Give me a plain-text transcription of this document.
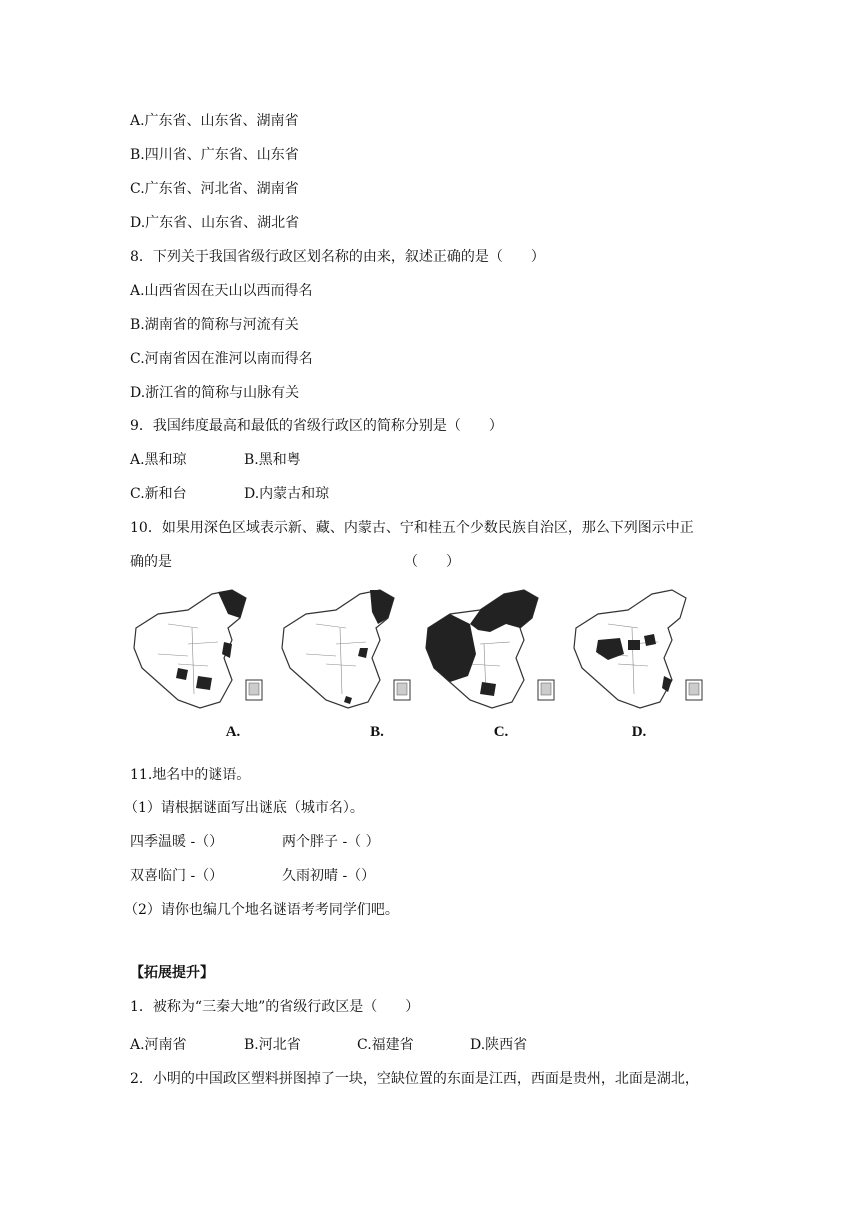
A.广东省、山东省、湖南省
B.四川省、广东省、山东省
C.广东省、河北省、湖南省
D.广东省、山东省、湖北省
8．下列关于我国省级行政区划名称的由来，叙述正确的是（　　）
A.山西省因在天山以西而得名
B.湖南省的简称与河流有关
C.河南省因在淮河以南而得名
D.浙江省的简称与山脉有关
9．我国纬度最高和最低的省级行政区的简称分别是（　　）
A.黑和琼	B.黑和粤
C.新和台	D.内蒙古和琼
10．如果用深色区域表示新、藏、内蒙古、宁和桂五个少数民族自治区，那么下列图示中正
确的是	（　　）
A.	B.	C.	D.
11.地名中的谜语。
（1）请根据谜面写出谜底（城市名）。
四季温暖 -（）	两个胖子 -（ ）
双喜临门 -（）	久雨初晴 -（）
（2）请你也编几个地名谜语考考同学们吧。
【拓展提升】
1．被称为“三秦大地”的省级行政区是（　　）
A.河南省	B.河北省	C.福建省	D.陕西省
2．小明的中国政区塑料拼图掉了一块，空缺位置的东面是江西，西面是贵州，北面是湖北，
